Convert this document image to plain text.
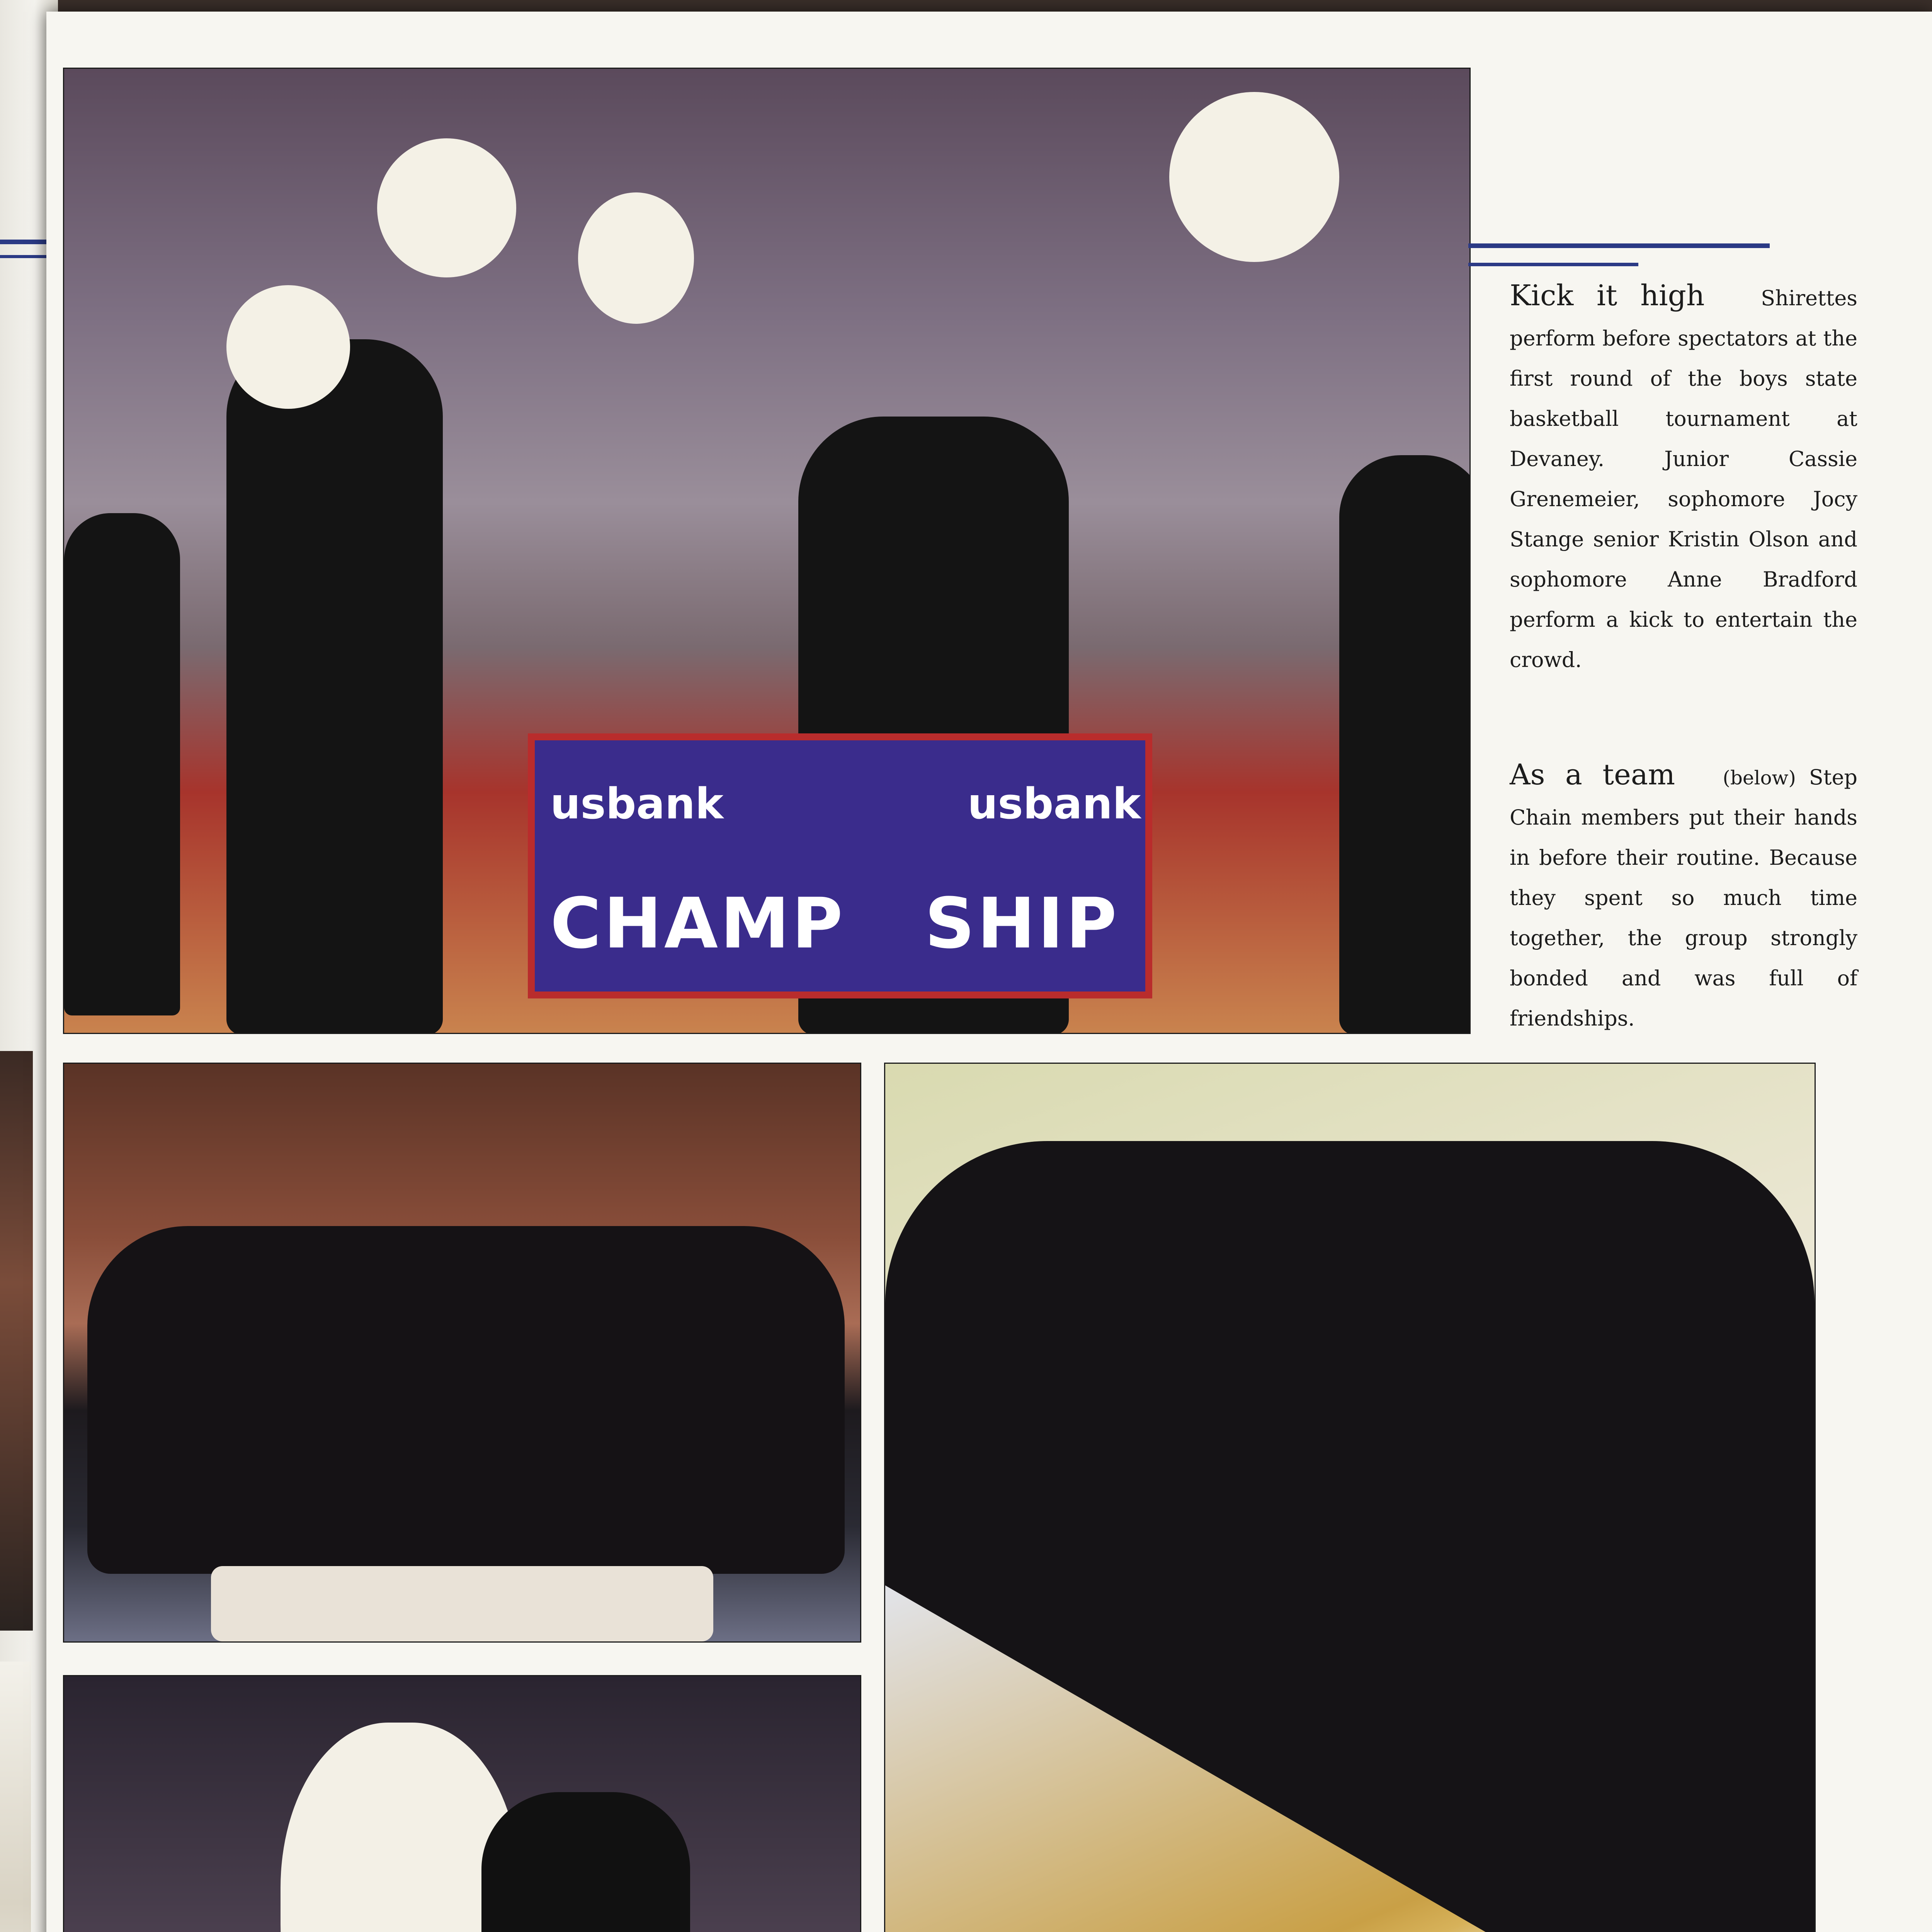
usbank	usbank
CHAMP   SHIP
Kick it high	Shirettes perform before spectators at the first round of the boys state basketball tournament at Devaney. Junior Cassie Grenemeier, sophomore Jocy Stange senior Kristin Olson and sophomore Anne Bradford perform a kick to entertain the crowd.
As a team (below) Step Chain members put their hands in before their routine. Because they spent so much time together, the group strongly bonded and was full of friendships.
